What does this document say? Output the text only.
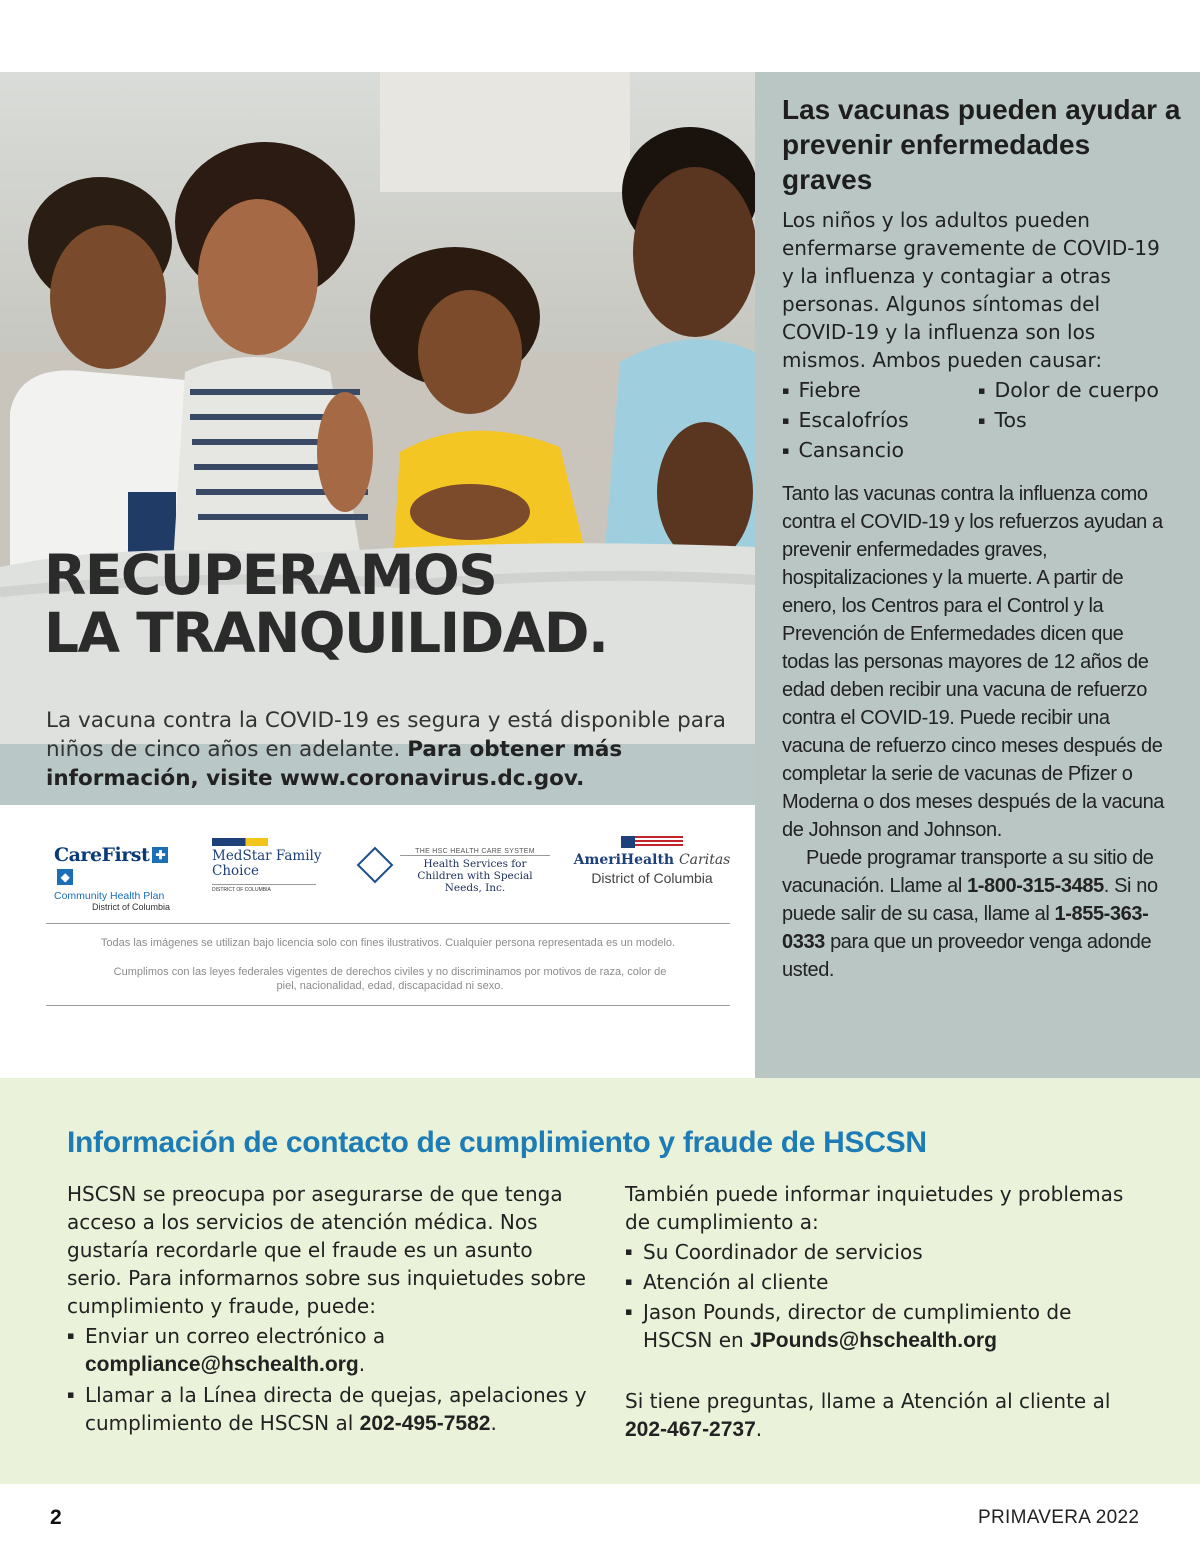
RECUPERAMOS
LA TRANQUILIDAD.

La vacuna contra la COVID-19 es segura y está disponible para niños de cinco años en adelante. Para obtener más información, visite www.coronavirus.dc.gov.

CareFirst ✚◆
Community Health Plan
District of Columbia
MedStar Family Choice
DISTRICT OF COLUMBIA
THE HSC HEALTH CARE SYSTEM
Health Services for Children with Special Needs, Inc.
AmeriHealth Caritas
District of Columbia
Todas las imágenes se utilizan bajo licencia solo con fines ilustrativos. Cualquier persona representada es un modelo.
Cumplimos con las leyes federales vigentes de derechos civiles y no discriminamos por motivos de raza, color de piel, nacionalidad, edad, discapacidad ni sexo.
Las vacunas pueden ayudar a prevenir enfermedades graves

Los niños y los adultos pueden enfermarse gravemente de COVID-19 y la influenza y contagiar a otras personas. Algunos síntomas del COVID-19 y la influenza son los mismos. Ambos pueden causar:

▪ Fiebre	▪ Dolor de cuerpo
▪ Escalofríos	▪ Tos
▪ Cansancio

Tanto las vacunas contra la influenza como contra el COVID-19 y los refuerzos ayudan a prevenir enfermedades graves, hospitalizaciones y la muerte. A partir de enero, los Centros para el Control y la Prevención de Enfermedades dicen que todas las personas mayores de 12 años de edad deben recibir una vacuna de refuerzo contra el COVID-19. Puede recibir una vacuna de refuerzo cinco meses después de completar la serie de vacunas de Pfizer o Moderna o dos meses después de la vacuna de Johnson and Johnson.

Puede programar transporte a su sitio de vacunación. Llame al 1-800-315-3485. Si no puede salir de su casa, llame al 1-855-363-0333 para que un proveedor venga adonde usted.

Información de contacto de cumplimiento y fraude de HSCSN

HSCSN se preocupa por asegurarse de que tenga acceso a los servicios de atención médica. Nos gustaría recordarle que el fraude es un asunto serio. Para informarnos sobre sus inquietudes sobre cumplimiento y fraude, puede:

▪ Enviar un correo electrónico a compliance@hschealth.org.
▪ Llamar a la Línea directa de quejas, apelaciones y cumplimiento de HSCSN al 202-495-7582.

También puede informar inquietudes y problemas de cumplimiento a:

▪ Su Coordinador de servicios
▪ Atención al cliente
▪ Jason Pounds, director de cumplimiento de HSCSN en JPounds@hschealth.org

Si tiene preguntas, llame a Atención al cliente al
202-467-2737.

2	PRIMAVERA 2022
